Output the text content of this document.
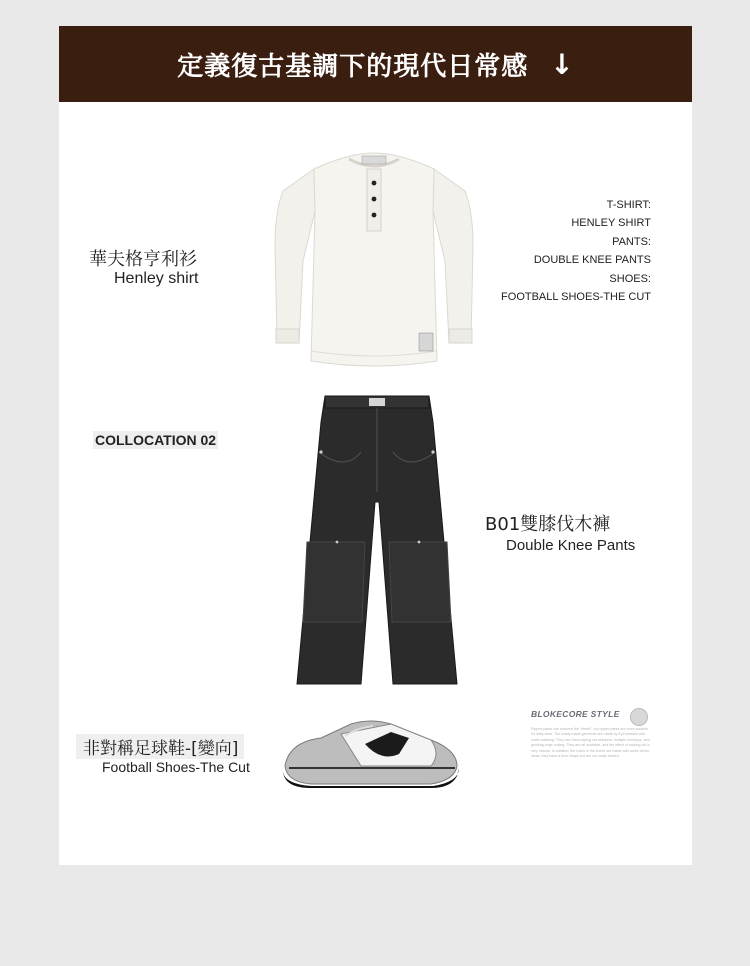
定義復古基調下的現代日常感 ↓
華夫格亨利衫
Henley shirt
T-SHIRT:
HENLEY SHIRT
PANTS:
DOUBLE KNEE PANTS
SHOES:
FOOTBALL SHOES-THE CUT
COLLOCATION 02
B01雙膝伐木褲
Double Knee Pants
非對稱足球鞋-[變向]
Football Shoes-The Cut
BLOKECORE STYLE
Ripped pants can endorse the "street", but ripped pants are more suitable for daily wear. The ready-made garments are made by 8 processes and water washing. They use hand-wiping cat whiskers, multiple monkeys, and grinding edge cutting. They are all available, and the effect of making old is very natural. In addition, the holes in the knees are made with some clever ideas: they have a tone shape but are not really broken.
